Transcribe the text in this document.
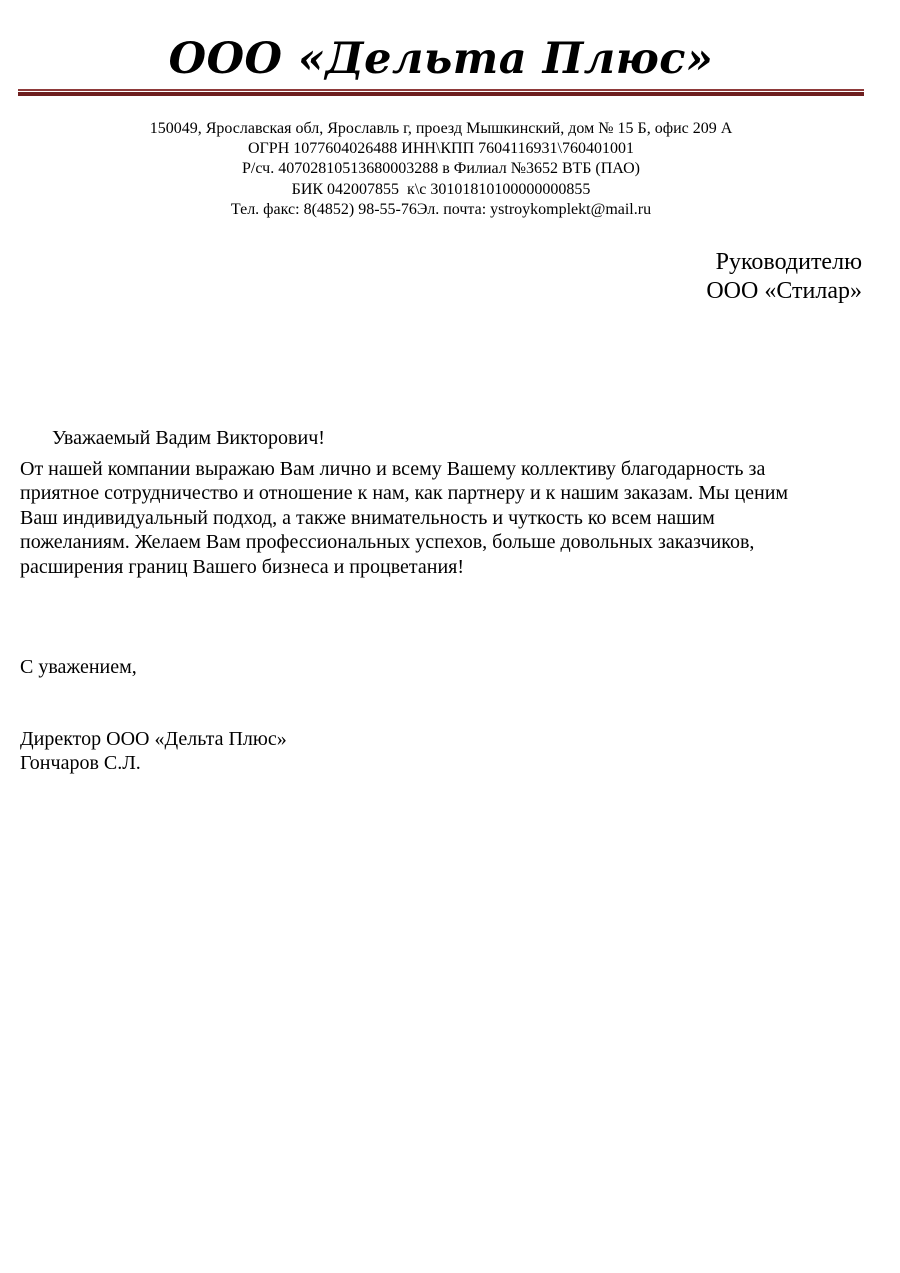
ООО «Дельта Плюс»
150049, Ярославская обл, Ярославль г, проезд Мышкинский, дом № 15 Б, офис 209 А
ОГРН 1077604026488 ИНН\КПП 7604116931\760401001
Р/сч. 40702810513680003288 в Филиал №3652 ВТБ (ПАО)
БИК 042007855  к\с 30101810100000000855
Тел. факс: 8(4852) 98-55-76Эл. почта: ystroykomplekt@mail.ru
Руководителю
ООО «Стилар»
Уважаемый Вадим Викторович!
От нашей компании выражаю Вам лично и всему Вашему коллективу благодарность за
приятное сотрудничество и отношение к нам, как партнеру и к нашим заказам. Мы ценим
Ваш индивидуальный подход, а также внимательность и чуткость ко всем нашим
пожеланиям. Желаем Вам профессиональных успехов, больше довольных заказчиков,
расширения границ Вашего бизнеса и процветания!
С уважением,
Директор ООО «Дельта Плюс»
Гончаров С.Л.
